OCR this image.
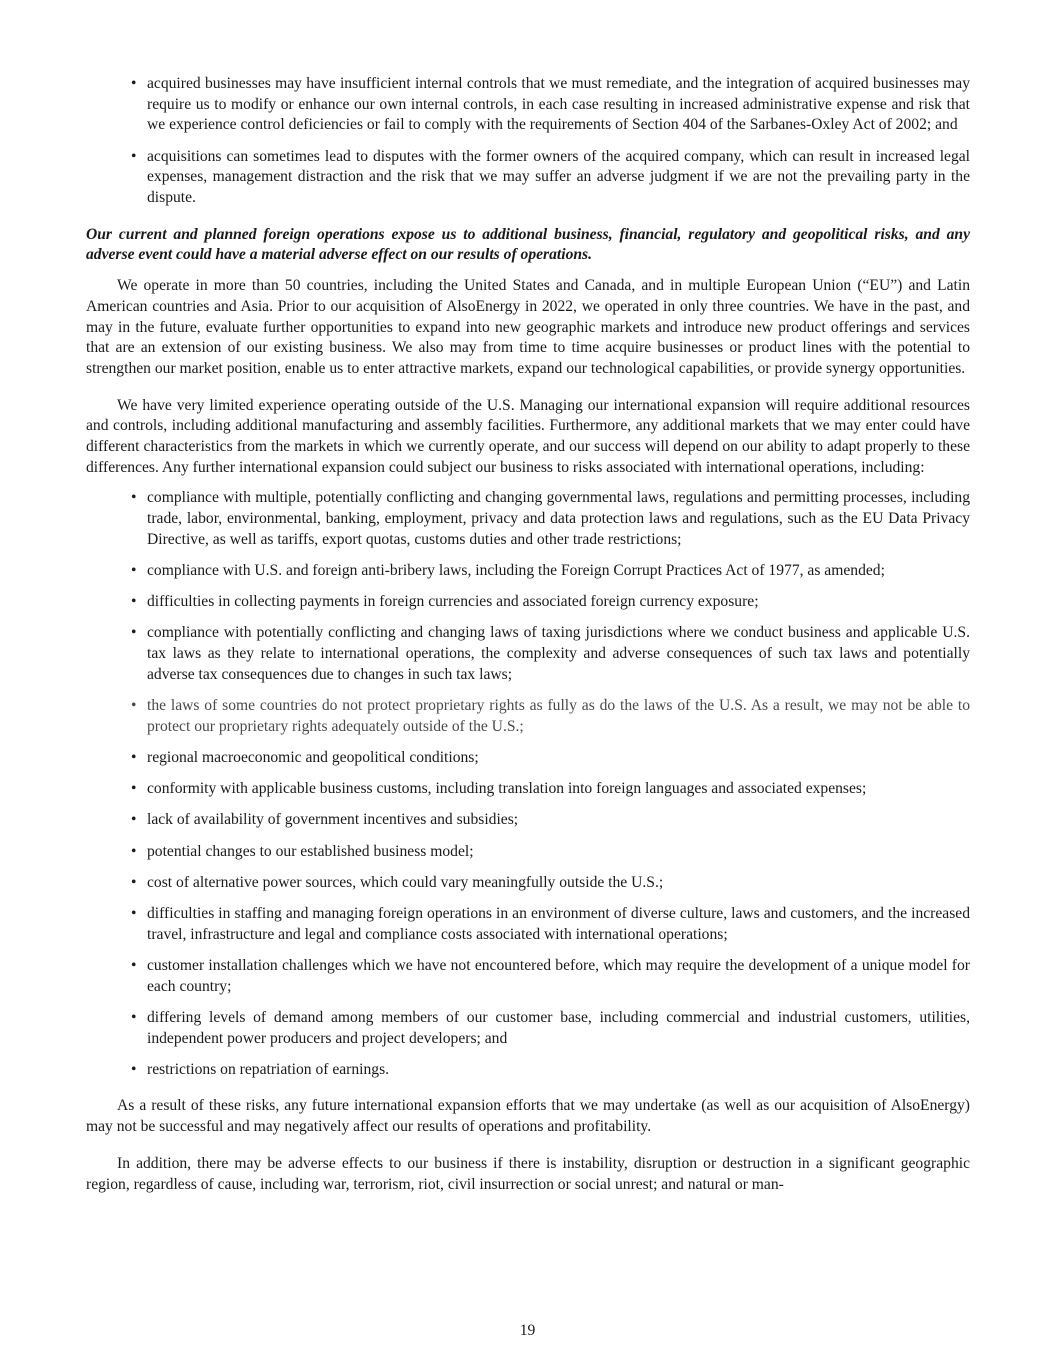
• acquired businesses may have insufficient internal controls that we must remediate, and the integration of acquired businesses may require us to modify or enhance our own internal controls, in each case resulting in increased administrative expense and risk that we experience control deficiencies or fail to comply with the requirements of Section 404 of the Sarbanes-Oxley Act of 2002; and
• acquisitions can sometimes lead to disputes with the former owners of the acquired company, which can result in increased legal expenses, management distraction and the risk that we may suffer an adverse judgment if we are not the prevailing party in the dispute.

Our current and planned foreign operations expose us to additional business, financial, regulatory and geopolitical risks, and any adverse event could have a material adverse effect on our results of operations.

We operate in more than 50 countries, including the United States and Canada, and in multiple European Union (“EU”) and Latin American countries and Asia. Prior to our acquisition of AlsoEnergy in 2022, we operated in only three countries. We have in the past, and may in the future, evaluate further opportunities to expand into new geographic markets and introduce new product offerings and services that are an extension of our existing business. We also may from time to time acquire businesses or product lines with the potential to strengthen our market position, enable us to enter attractive markets, expand our technological capabilities, or provide synergy opportunities.

We have very limited experience operating outside of the U.S. Managing our international expansion will require additional resources and controls, including additional manufacturing and assembly facilities. Furthermore, any additional markets that we may enter could have different characteristics from the markets in which we currently operate, and our success will depend on our ability to adapt properly to these differences. Any further international expansion could subject our business to risks associated with international operations, including:

• compliance with multiple, potentially conflicting and changing governmental laws, regulations and permitting processes, including trade, labor, environmental, banking, employment, privacy and data protection laws and regulations, such as the EU Data Privacy Directive, as well as tariffs, export quotas, customs duties and other trade restrictions;
• compliance with U.S. and foreign anti-bribery laws, including the Foreign Corrupt Practices Act of 1977, as amended;
• difficulties in collecting payments in foreign currencies and associated foreign currency exposure;
• compliance with potentially conflicting and changing laws of taxing jurisdictions where we conduct business and applicable U.S. tax laws as they relate to international operations, the complexity and adverse consequences of such tax laws and potentially adverse tax consequences due to changes in such tax laws;
• the laws of some countries do not protect proprietary rights as fully as do the laws of the U.S. As a result, we may not be able to protect our proprietary rights adequately outside of the U.S.;
• regional macroeconomic and geopolitical conditions;
• conformity with applicable business customs, including translation into foreign languages and associated expenses;
• lack of availability of government incentives and subsidies;
• potential changes to our established business model;
• cost of alternative power sources, which could vary meaningfully outside the U.S.;
• difficulties in staffing and managing foreign operations in an environment of diverse culture, laws and customers, and the increased travel, infrastructure and legal and compliance costs associated with international operations;
• customer installation challenges which we have not encountered before, which may require the development of a unique model for each country;
• differing levels of demand among members of our customer base, including commercial and industrial customers, utilities, independent power producers and project developers; and
• restrictions on repatriation of earnings.

As a result of these risks, any future international expansion efforts that we may undertake (as well as our acquisition of AlsoEnergy) may not be successful and may negatively affect our results of operations and profitability.

In addition, there may be adverse effects to our business if there is instability, disruption or destruction in a significant geographic region, regardless of cause, including war, terrorism, riot, civil insurrection or social unrest; and natural or man-

19
